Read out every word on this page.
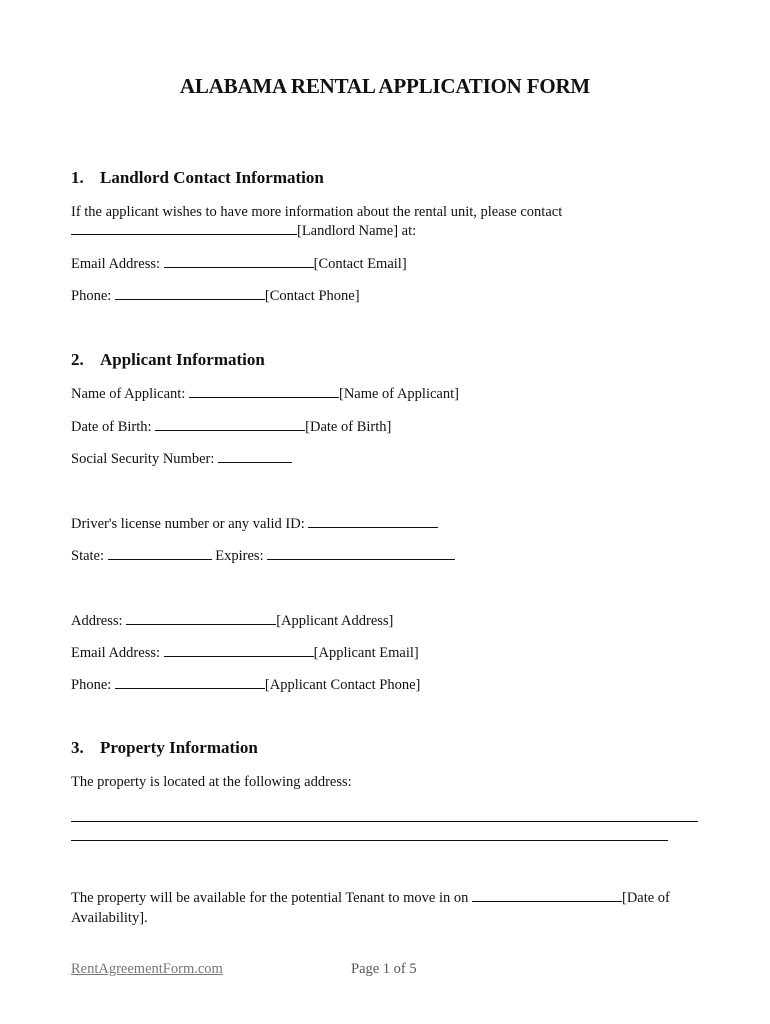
ALABAMA RENTAL APPLICATION FORM
1. Landlord Contact Information
If the applicant wishes to have more information about the rental unit, please contact
[Landlord Name] at:
Email Address:	[Contact Email]
Phone:	[Contact Phone]
2. Applicant Information
Name of Applicant:	[Name of Applicant]
Date of Birth:	[Date of Birth]
Social Security Number:
Driver's license number or any valid ID:
State:	Expires:
Address:	[Applicant Address]
Email Address:	[Applicant Email]
Phone:	[Applicant Contact Phone]
3. Property Information
The property is located at the following address:
The property will be available for the potential Tenant to move in on	[Date of
Availability].
RentAgreementForm.com	Page 1 of 5
